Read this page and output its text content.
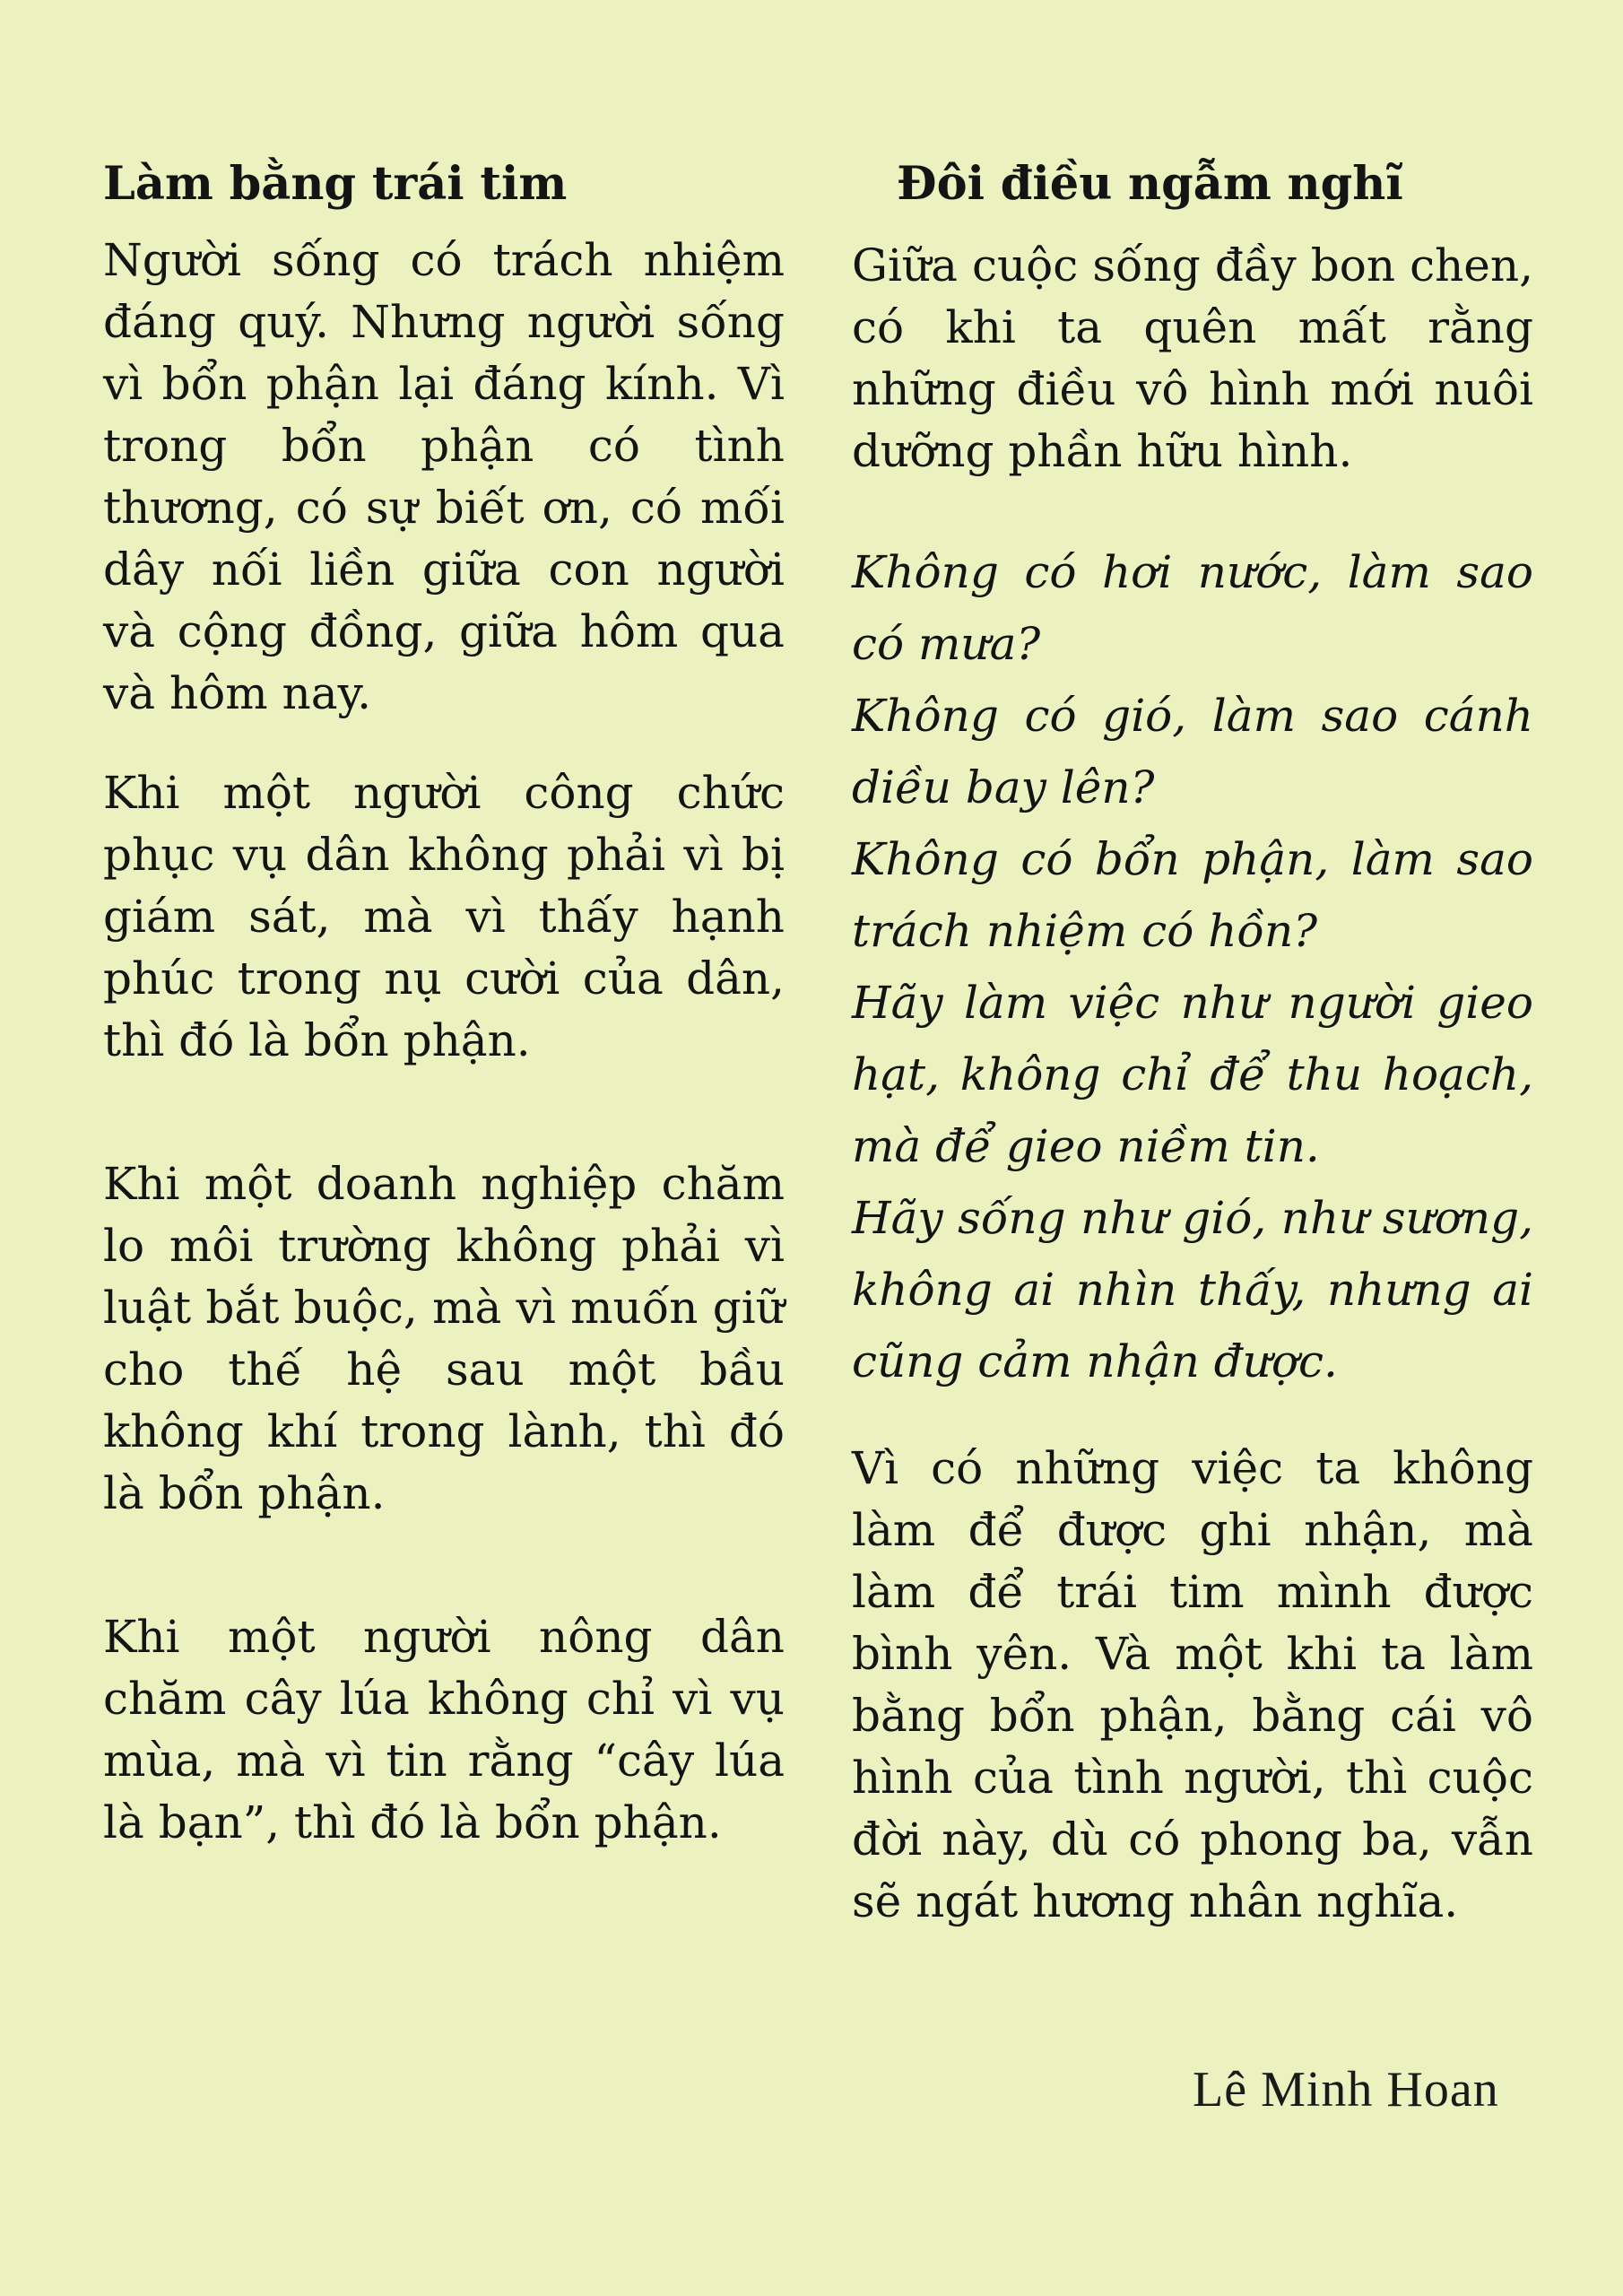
Làm bằng trái tim

Người sống có trách nhiệm đáng quý. Nhưng người sống vì bổn phận lại đáng kính. Vì trong bổn phận có tình thương, có sự biết ơn, có mối dây nối liền giữa con người và cộng đồng, giữa hôm qua và hôm nay.

Khi một người công chức phục vụ dân không phải vì bị giám sát, mà vì thấy hạnh phúc trong nụ cười của dân, thì đó là bổn phận.

Khi một doanh nghiệp chăm lo môi trường không phải vì luật bắt buộc, mà vì muốn giữ cho thế hệ sau một bầu không khí trong lành, thì đó là bổn phận.

Khi một người nông dân chăm cây lúa không chỉ vì vụ mùa, mà vì tin rằng “cây lúa là bạn”, thì đó là bổn phận.

Đôi điều ngẫm nghĩ

Giữa cuộc sống đầy bon chen, có khi ta quên mất rằng những điều vô hình mới nuôi dưỡng phần hữu hình.

Không có hơi nước, làm sao có mưa?

Không có gió, làm sao cánh diều bay lên?

Không có bổn phận, làm sao trách nhiệm có hồn?

Hãy làm việc như người gieo hạt, không chỉ để thu hoạch, mà để gieo niềm tin.

Hãy sống như gió, như sương, không ai nhìn thấy, nhưng ai cũng cảm nhận được.

Vì có những việc ta không làm để được ghi nhận, mà làm để trái tim mình được bình yên. Và một khi ta làm bằng bổn phận, bằng cái vô hình của tình người, thì cuộc đời này, dù có phong ba, vẫn sẽ ngát hương nhân nghĩa.

Lê Minh Hoan
